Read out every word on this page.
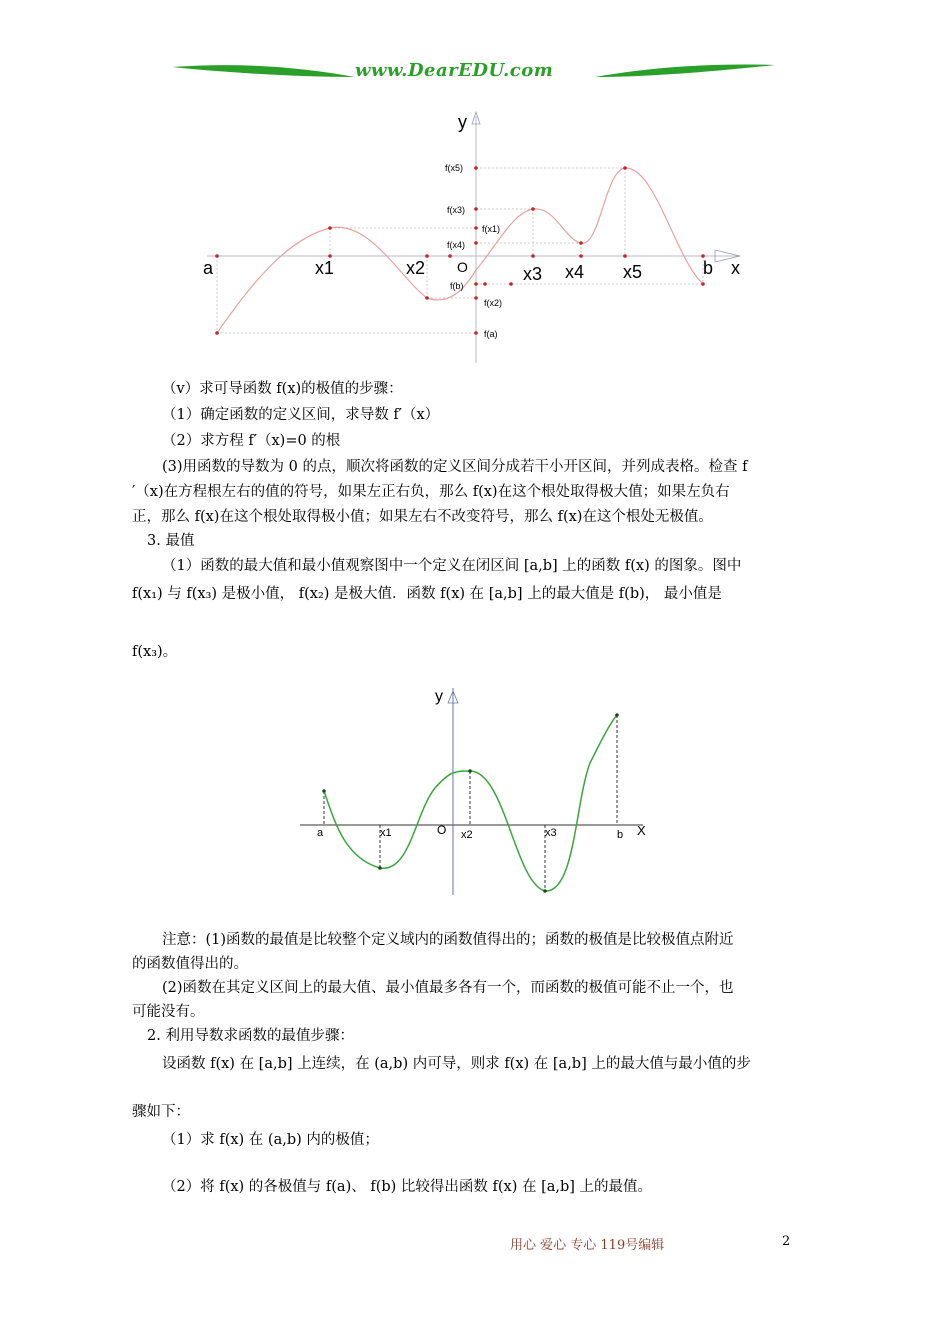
www.DearEDU.com
y
x
O
a	x1	x2	x3 x4 x5	b
f(x5)
f(x3)
f(x1)
f(x4)
f(b)
f(x2)
f(a)
（v）求可导函数 f(x)的极值的步骤：
（1）确定函数的定义区间，求导数 f′（x）
（2）求方程 f′（x)=0 的根
(3)用函数的导数为 0 的点，顺次将函数的定义区间分成若干小开区间，并列成表格。检查 f
′（x)在方程根左右的值的符号，如果左正右负，那么 f(x)在这个根处取得极大值；如果左负右
正，那么 f(x)在这个根处取得极小值；如果左右不改变符号，那么 f(x)在这个根处无极值。
3. 最值
（1）函数的最大值和最小值观察图中一个定义在闭区间 [a,b] 上的函数 f(x) 的图象。图中
f(x₁) 与 f(x₃) 是极小值， f(x₂) 是极大值．函数 f(x) 在 [a,b] 上的最大值是 f(b)， 最小值是
f(x₃)。
y
X
O
a	x1	x2	x3	b
注意：(1)函数的最值是比较整个定义域内的函数值得出的；函数的极值是比较极值点附近
的函数值得出的。
(2)函数在其定义区间上的最大值、最小值最多各有一个，而函数的极值可能不止一个，也
可能没有。
2. 利用导数求函数的最值步骤：
设函数 f(x) 在 [a,b] 上连续，在 (a,b) 内可导，则求 f(x) 在 [a,b] 上的最大值与最小值的步
骤如下：
（1）求 f(x) 在 (a,b) 内的极值；
（2）将 f(x) 的各极值与 f(a)、 f(b) 比较得出函数 f(x) 在 [a,b] 上的最值。
用心 爱心 专心 119号编辑	2
